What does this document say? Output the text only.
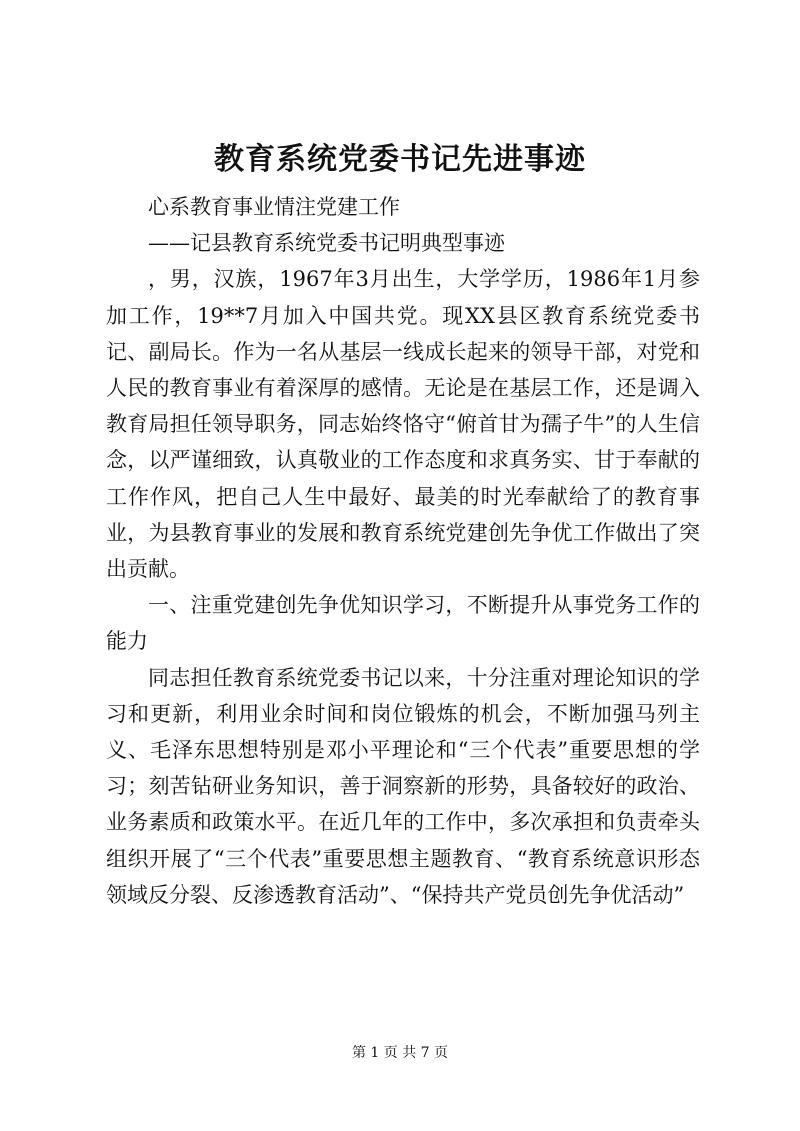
教育系统党委书记先进事迹

心系教育事业情注党建工作

——记县教育系统党委书记明典型事迹

，男，汉族，1967年3月出生，大学学历，1986年1月参加工作，19**7月加入中国共党。现XX县区教育系统党委书记、副局长。作为一名从基层一线成长起来的领导干部，对党和人民的教育事业有着深厚的感情。无论是在基层工作，还是调入教育局担任领导职务，同志始终恪守“俯首甘为孺子牛”的人生信念，以严谨细致，认真敬业的工作态度和求真务实、甘于奉献的工作作风，把自己人生中最好、最美的时光奉献给了的教育事业，为县教育事业的发展和教育系统党建创先争优工作做出了突出贡献。

一、注重党建创先争优知识学习，不断提升从事党务工作的能力

同志担任教育系统党委书记以来，十分注重对理论知识的学习和更新，利用业余时间和岗位锻炼的机会，不断加强马列主义、毛泽东思想特别是邓小平理论和“三个代表”重要思想的学习；刻苦钻研业务知识，善于洞察新的形势，具备较好的政治、业务素质和政策水平。在近几年的工作中，多次承担和负责牵头组织开展了“三个代表”重要思想主题教育、“教育系统意识形态领域反分裂、反渗透教育活动”、“保持共产党员创先争优活动”

第 1 页 共 7 页
